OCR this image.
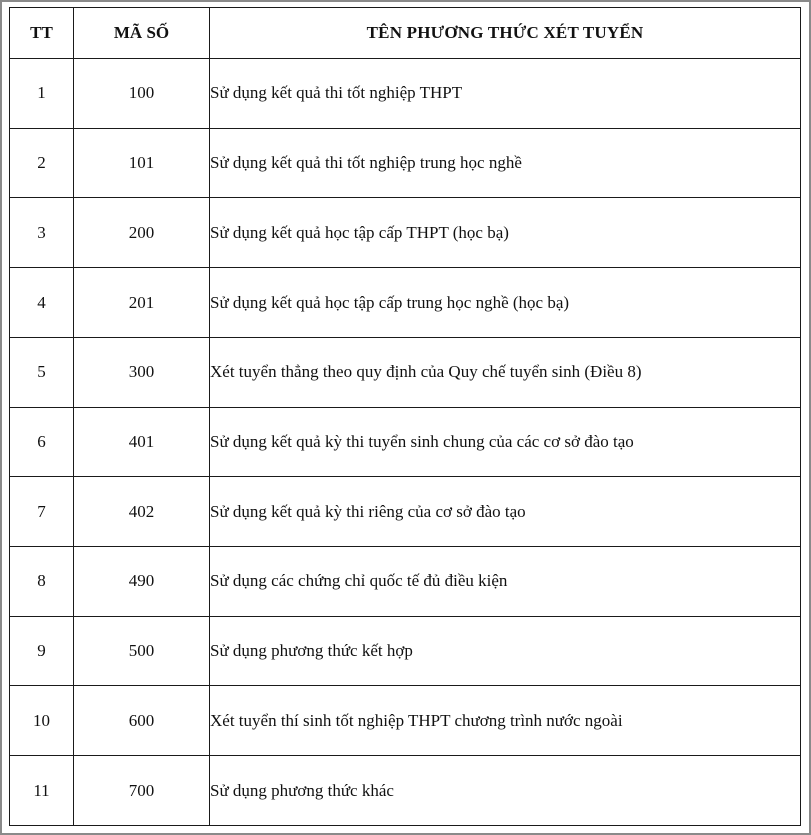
TT	MÃ SỐ	TÊN PHƯƠNG THỨC XÉT TUYỂN
1	100	Sử dụng kết quả thi tốt nghiệp THPT
2	101	Sử dụng kết quả thi tốt nghiệp trung học nghề
3	200	Sử dụng kết quả học tập cấp THPT (học bạ)
4	201	Sử dụng kết quả học tập cấp trung học nghề (học bạ)
5	300	Xét tuyển thẳng theo quy định của Quy chế tuyển sinh (Điều 8)
6	401	Sử dụng kết quả kỳ thi tuyển sinh chung của các cơ sở đào tạo
7	402	Sử dụng kết quả kỳ thi riêng của cơ sở đào tạo
8	490	Sử dụng các chứng chỉ quốc tế đủ điều kiện
9	500	Sử dụng phương thức kết hợp
10	600	Xét tuyển thí sinh tốt nghiệp THPT chương trình nước ngoài
11	700	Sử dụng phương thức khác
